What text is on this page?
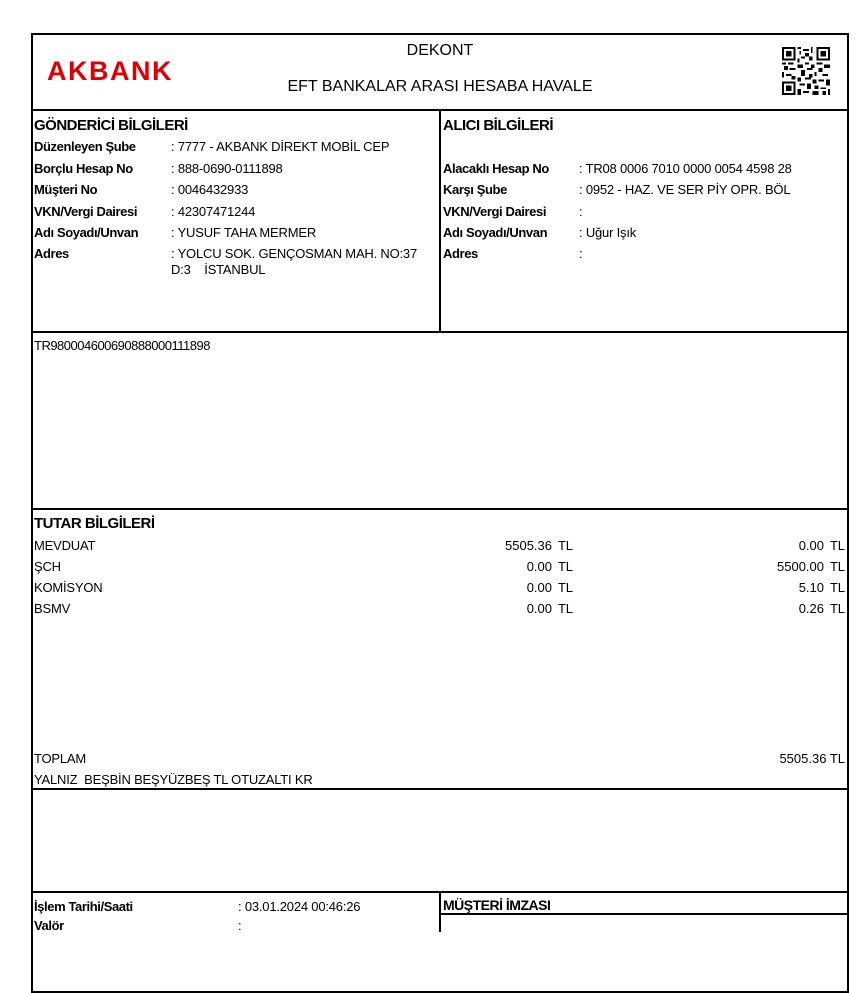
AKBANK
DEKONT
EFT BANKALAR ARASI HESABA HAVALE
GÖNDERİCİ BİLGİLERİ
Düzenleyen Şube	: 7777 - AKBANK DİREKT MOBİL CEP
Borçlu Hesap No	: 888-0690-0111898
Müşteri No	: 0046432933
VKN/Vergi Dairesi	: 42307471244
Adı Soyadı/Unvan	: YUSUF TAHA MERMER
Adres	: YOLCU SOK. GENÇOSMAN MAH. NO:37
D:3    İSTANBUL
ALICI BİLGİLERİ
Alacaklı Hesap No : TR08 0006 7010 0000 0054 4598 28
Karşı Şube	: 0952 - HAZ. VE SER PİY OPR. BÖL
VKN/Vergi Dairesi	:
Adı Soyadı/Unvan : Uğur Işık
Adres	:
TR980004600690888000111898
TUTAR BİLGİLERİ
MEVDUAT	5505.36 TL	0.00 TL
ŞCH	0.00 TL	5500.00 TL
KOMİSYON	0.00 TL	5.10 TL
BSMV	0.00 TL	0.26 TL
TOPLAM	5505.36 TL
YALNIZ  BEŞBİN BEŞYÜZBEŞ TL OTUZALTI KR
İşlem Tarihi/Saati	: 03.01.2024 00:46:26
Valör	:
MÜŞTERİ İMZASI
